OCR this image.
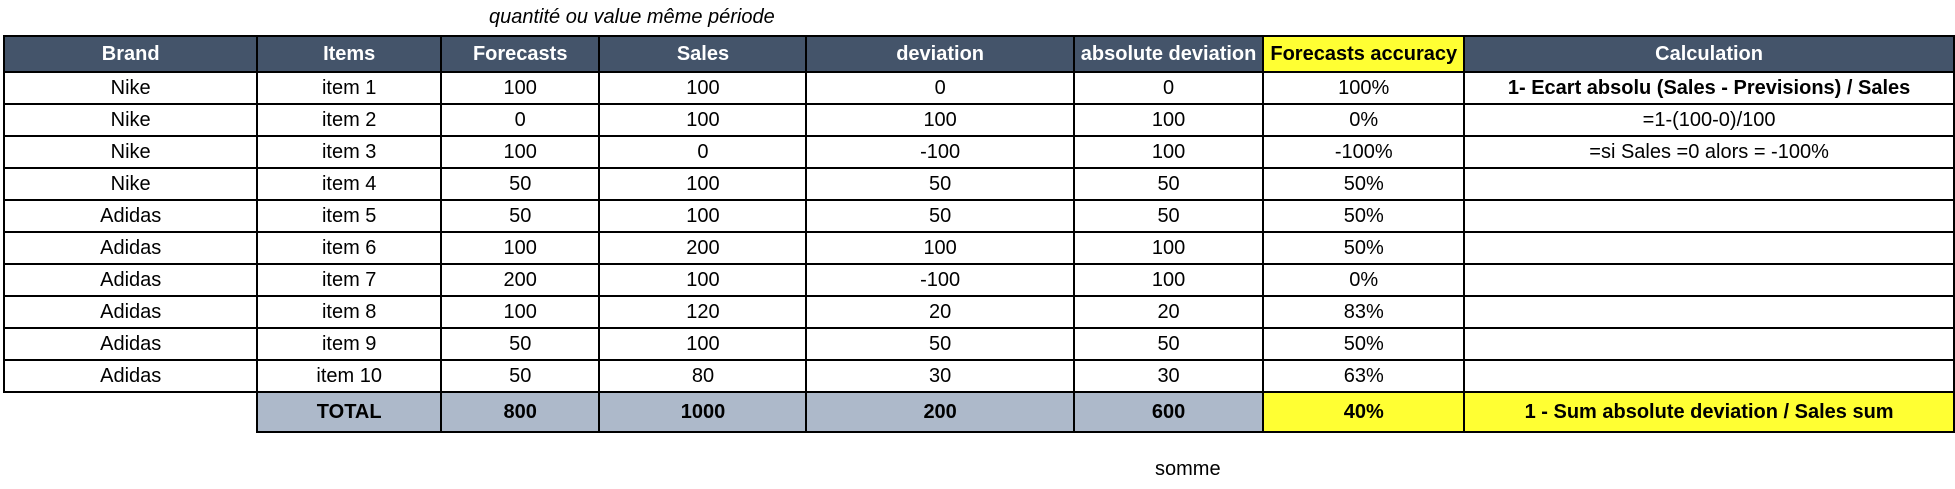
quantité ou value même période
Brand	Items	Forecasts	Sales	deviation	absolute deviation	Forecasts accuracy	Calculation
Nike	item 1	100	100	0	0	100%	1- Ecart absolu (Sales - Previsions) / Sales
Nike	item 2	0	100	100	100	0%	=1-(100-0)/100
Nike	item 3	100	0	-100	100	-100%	=si Sales =0 alors = -100%
Nike	item 4	50	100	50	50	50%	
Adidas	item 5	50	100	50	50	50%	
Adidas	item 6	100	200	100	100	50%	
Adidas	item 7	200	100	-100	100	0%	
Adidas	item 8	100	120	20	20	83%	
Adidas	item 9	50	100	50	50	50%	
Adidas	item 10	50	80	30	30	63%	
	TOTAL	800	1000	200	600	40%	1 - Sum absolute deviation / Sales sum
somme
